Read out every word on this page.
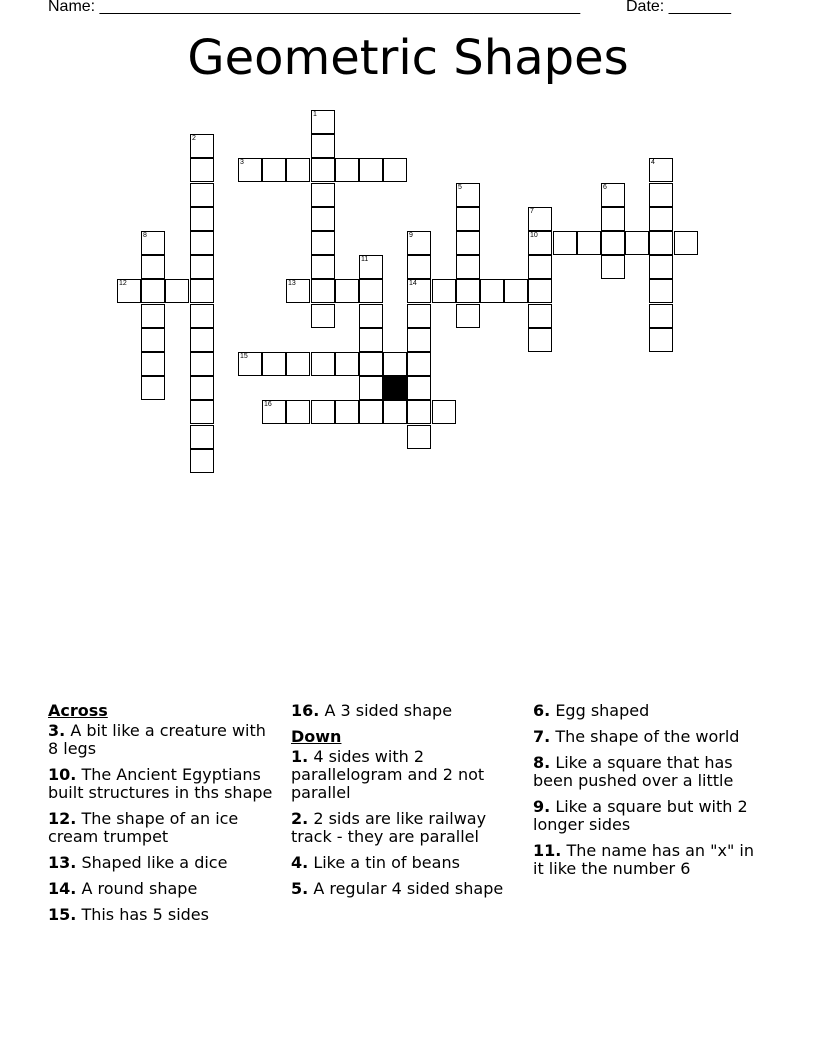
Name: ______________________________________________________	Date: _______
Geometric Shapes
1
2
3	4
5	6
7
10
8	9
14
11
12	13
15
16
Across
3. A bit like a creature with 8 legs
10. The Ancient Egyptians built structures in ths shape
12. The shape of an ice cream trumpet
13. Shaped like a dice
14. A round shape
15. This has 5 sides
16. A 3 sided shape
Down
1. 4 sides with 2 parallelogram and 2 not parallel
2. 2 sids are like railway track - they are parallel
4. Like a tin of beans
5. A regular 4 sided shape
6. Egg shaped
7. The shape of the world
8. Like a square that has been pushed over a little
9. Like a square but with 2 longer sides
11. The name has an "x" in it like the number 6
